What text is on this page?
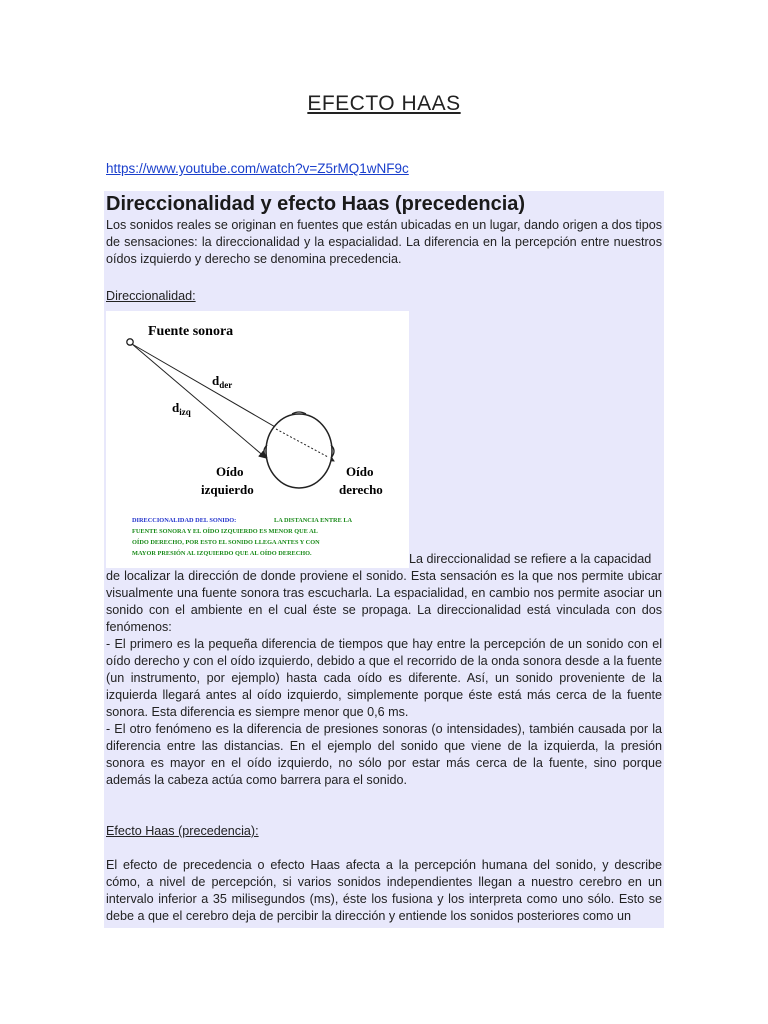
EFECTO HAAS
https://www.youtube.com/watch?v=Z5rMQ1wNF9c
Direccionalidad y efecto Haas (precedencia)

Los sonidos reales se originan en fuentes que están ubicadas en un lugar, dando origen a dos tipos de sensaciones: la direccionalidad y la espacialidad. La diferencia en la percepción entre nuestros oídos izquierdo y derecho se denomina precedencia.

Direccionalidad:
Fuente sonora
$d_{der}$
$d_{izq}$
Oído
izquierdo
Oído
derecho
DIRECCIONALIDAD DEL SONIDO:	LA DISTANCIA ENTRE LA
FUENTE SONORA Y EL OÍDO IZQUIERDO ES MENOR QUE AL
OÍDO DERECHO, POR ESTO EL SONIDO LLEGA ANTES Y CON
MAYOR PRESIÓN AL IZQUIERDO QUE AL OÍDO DERECHO.	La direccionalidad se refiere a la capacidad

de localizar la dirección de donde proviene el sonido. Esta sensación es la que nos permite ubicar visualmente una fuente sonora tras escucharla. La espacialidad, en cambio nos permite asociar un sonido con el ambiente en el cual éste se propaga. La direccionalidad está vinculada con dos fenómenos:

- El primero es la pequeña diferencia de tiempos que hay entre la percepción de un sonido con el oído derecho y con el oído izquierdo, debido a que el recorrido de la onda sonora desde a la fuente (un instrumento, por ejemplo) hasta cada oído es diferente. Así, un sonido proveniente de la izquierda llegará antes al oído izquierdo, simplemente porque éste está más cerca de la fuente sonora. Esta diferencia es siempre menor que 0,6 ms.

- El otro fenómeno es la diferencia de presiones sonoras (o intensidades), también causada por la diferencia entre las distancias. En el ejemplo del sonido que viene de la izquierda, la presión sonora es mayor en el oído izquierdo, no sólo por estar más cerca de la fuente, sino porque además la cabeza actúa como barrera para el sonido.

Efecto Haas (precedencia):

El efecto de precedencia o efecto Haas afecta a la percepción humana del sonido, y describe cómo, a nivel de percepción, si varios sonidos independientes llegan a nuestro cerebro en un intervalo inferior a 35 milisegundos (ms), éste los fusiona y los interpreta como uno sólo. Esto se debe a que el cerebro deja de percibir la dirección y entiende los sonidos posteriores como un
